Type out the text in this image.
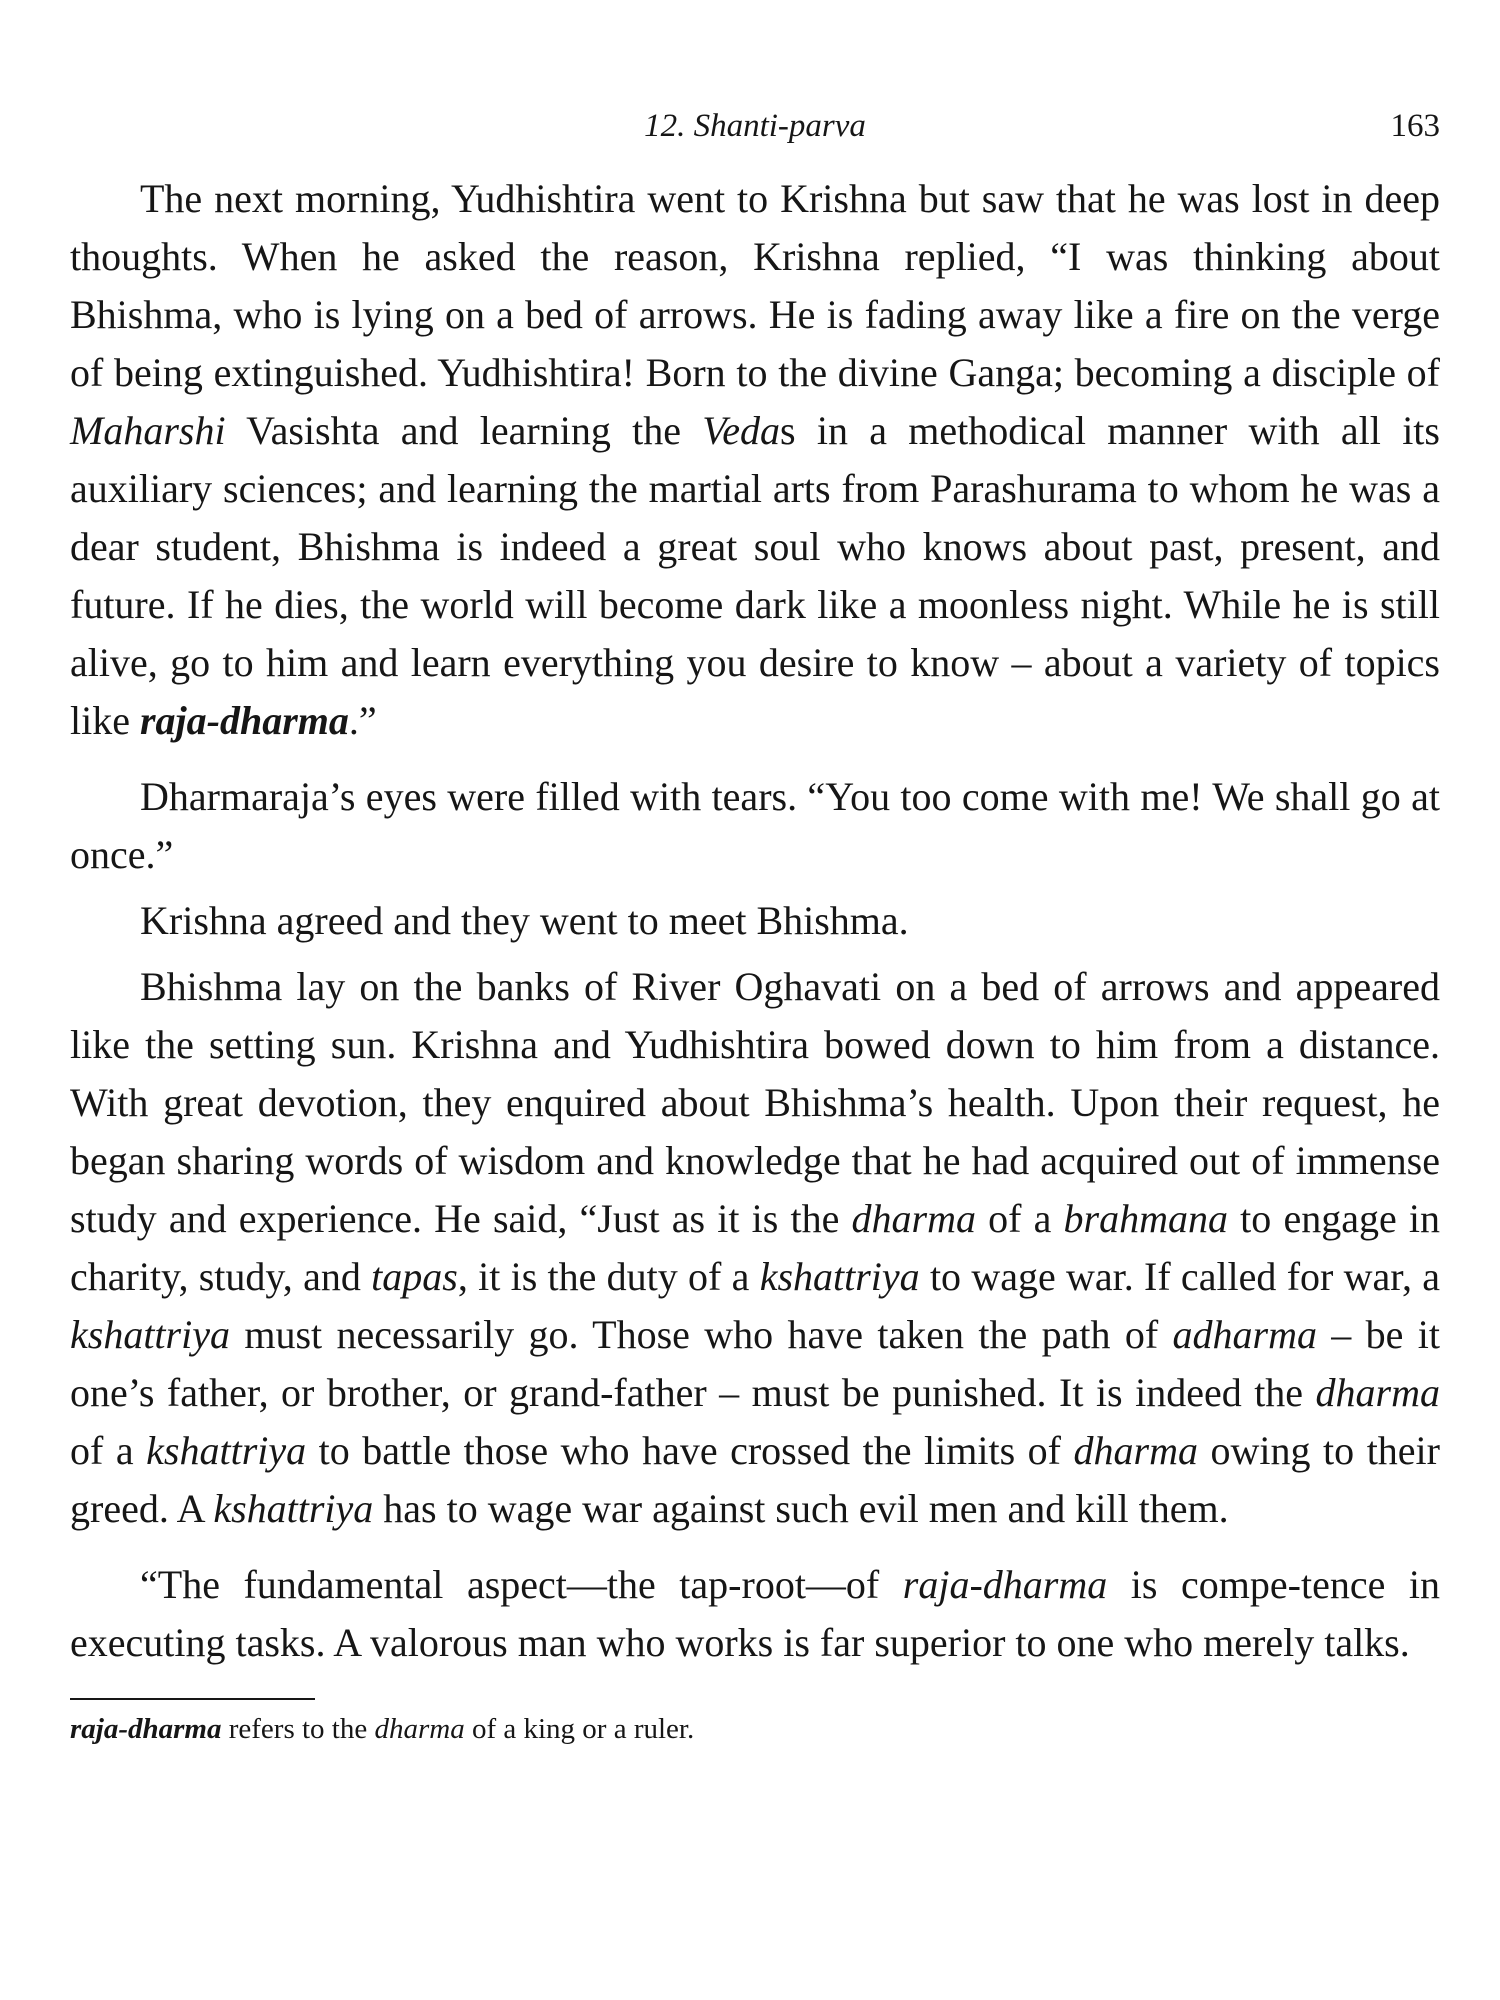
12. Shanti-parva	163

The next morning, Yudhishtira went to Krishna but saw that he was lost in deep thoughts. When he asked the reason, Krishna replied, “I was thinking about Bhishma, who is lying on a bed of arrows. He is fading away like a fire on the verge of being extinguished. Yudhishtira! Born to the divine Ganga; becoming a disciple of Maharshi Vasishta and learning the Vedas in a methodical manner with all its auxiliary sciences; and learning the martial arts from Parashurama to whom he was a dear student, Bhishma is indeed a great soul who knows about past, present, and future. If he dies, the world will become dark like a moonless night. While he is still alive, go to him and learn everything you desire to know – about a variety of topics like raja-dharma.”

Dharmaraja’s eyes were filled with tears. “You too come with me! We shall go at once.”

Krishna agreed and they went to meet Bhishma.

Bhishma lay on the banks of River Oghavati on a bed of arrows and appeared like the setting sun. Krishna and Yudhishtira bowed down to him from a distance. With great devotion, they enquired about Bhishma’s health. Upon their request, he began sharing words of wisdom and knowledge that he had acquired out of immense study and experience. He said, “Just as it is the dharma of a brahmana to engage in charity, study, and tapas, it is the duty of a kshattriya to wage war. If called for war, a kshattriya must necessarily go. Those who have taken the path of adharma – be it one’s father, or brother, or grand-father – must be punished. It is indeed the dharma of a kshattriya to battle those who have crossed the limits of dharma owing to their greed. A kshattriya has to wage war against such evil men and kill them.

“The fundamental aspect—the tap-root—of raja-dharma is compe-tence in executing tasks. A valorous man who works is far superior to one who merely talks.

raja-dharma refers to the dharma of a king or a ruler.
